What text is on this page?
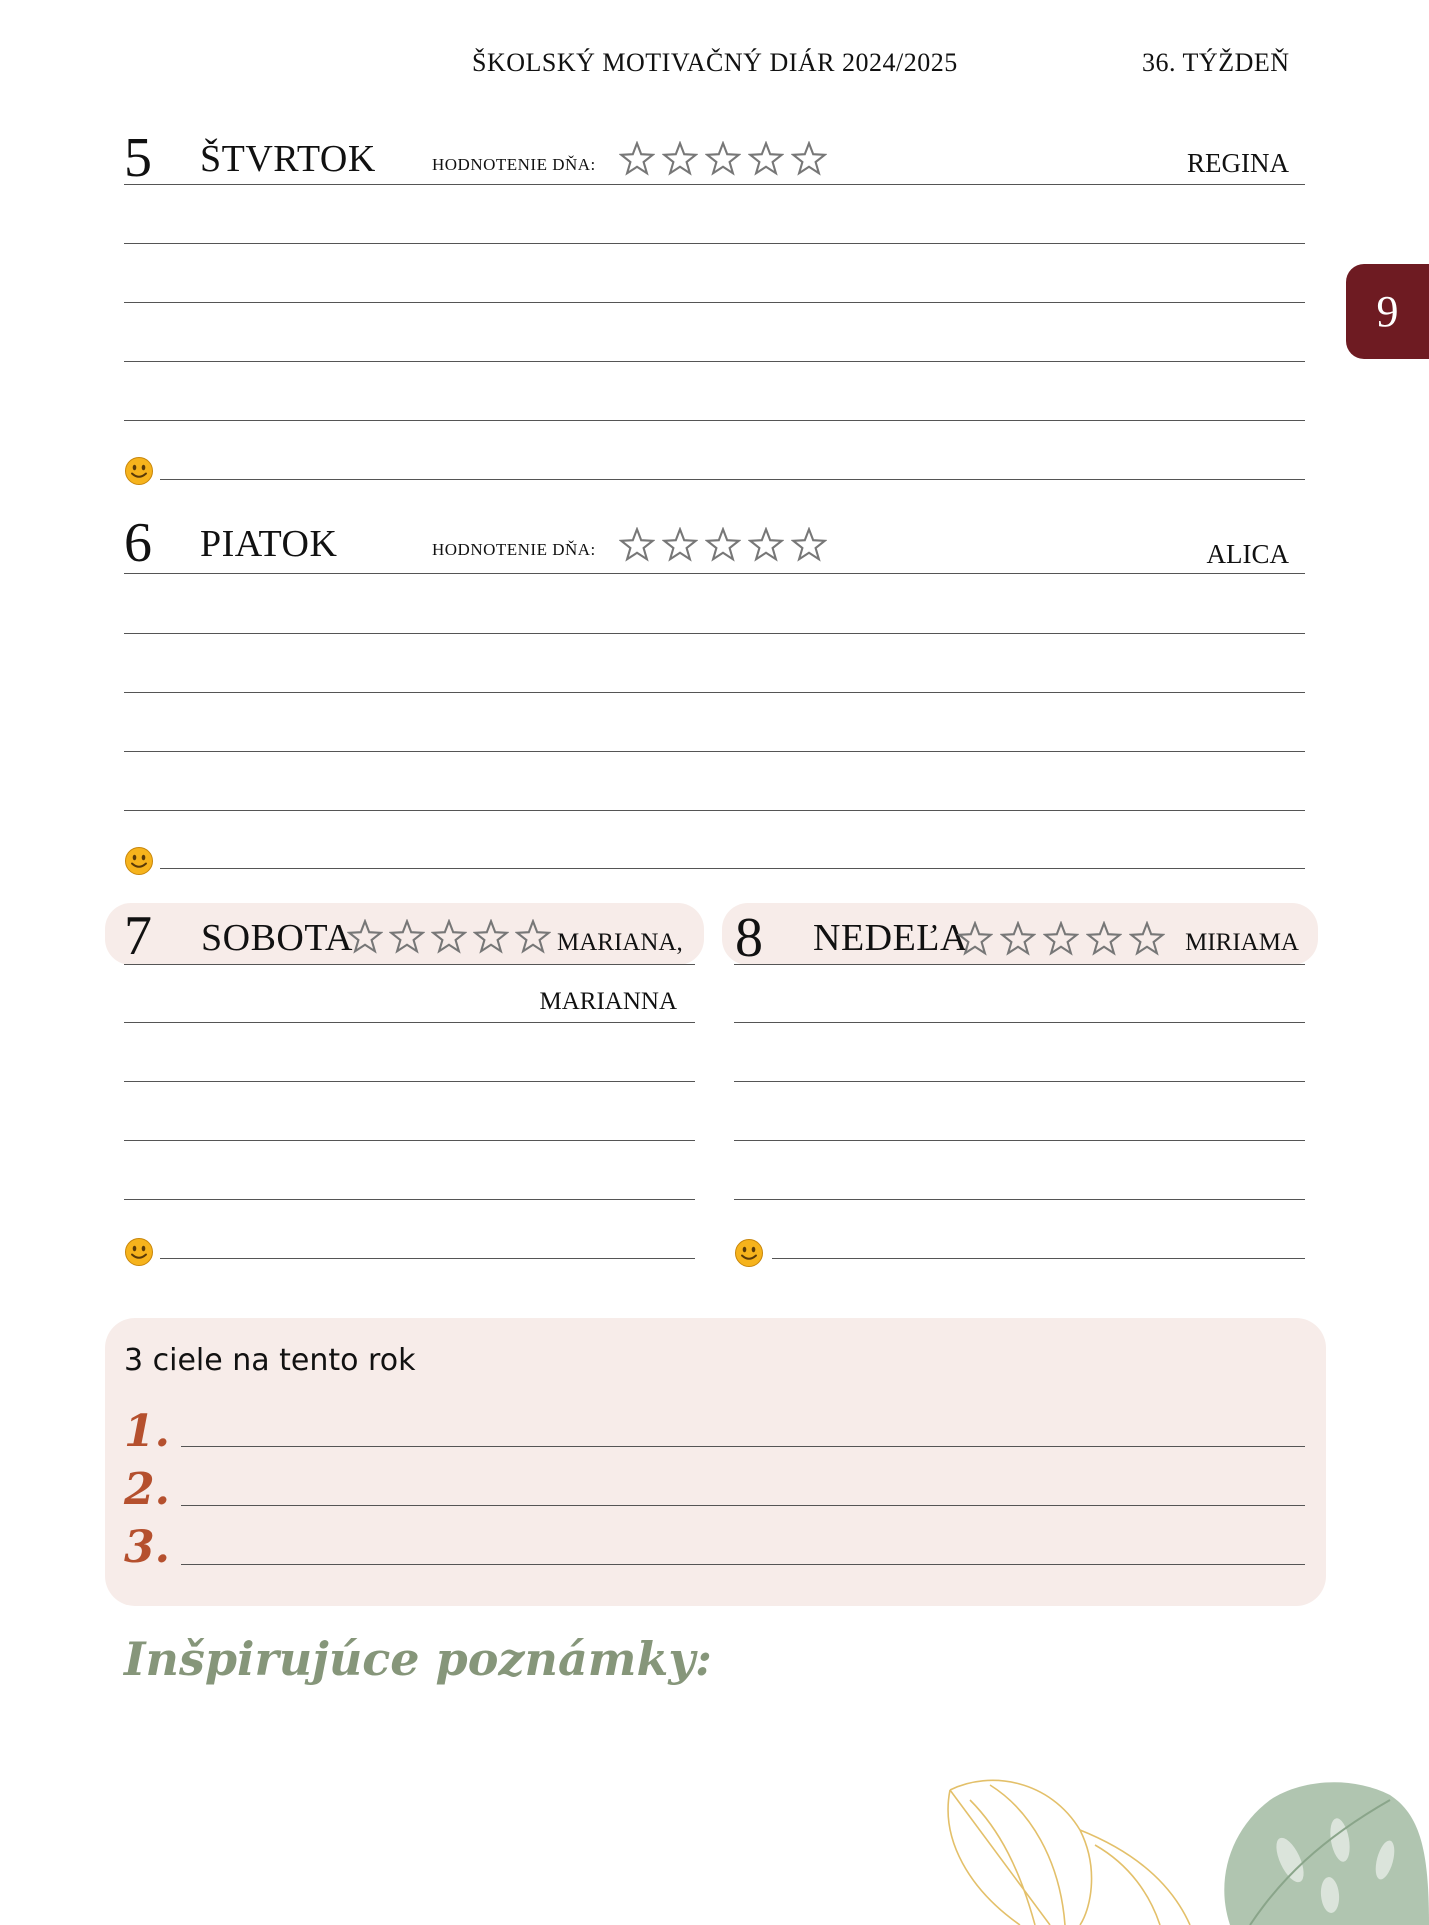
ŠKOLSKÝ MOTIVAČNÝ DIÁR 2024/2025	36. TÝŽDEŇ
9
5 ŠTVRTOK	HODNOTENIE DŇA:	REGINA
6 PIATOK	HODNOTENIE DŇA:	ALICA
7 SOBOTA	MARIANA,
MARIANNA
8 NEDEĽA	MIRIAMA
3 ciele na tento rok
1.
2.
3.
Inšpirujúce poznámky:
